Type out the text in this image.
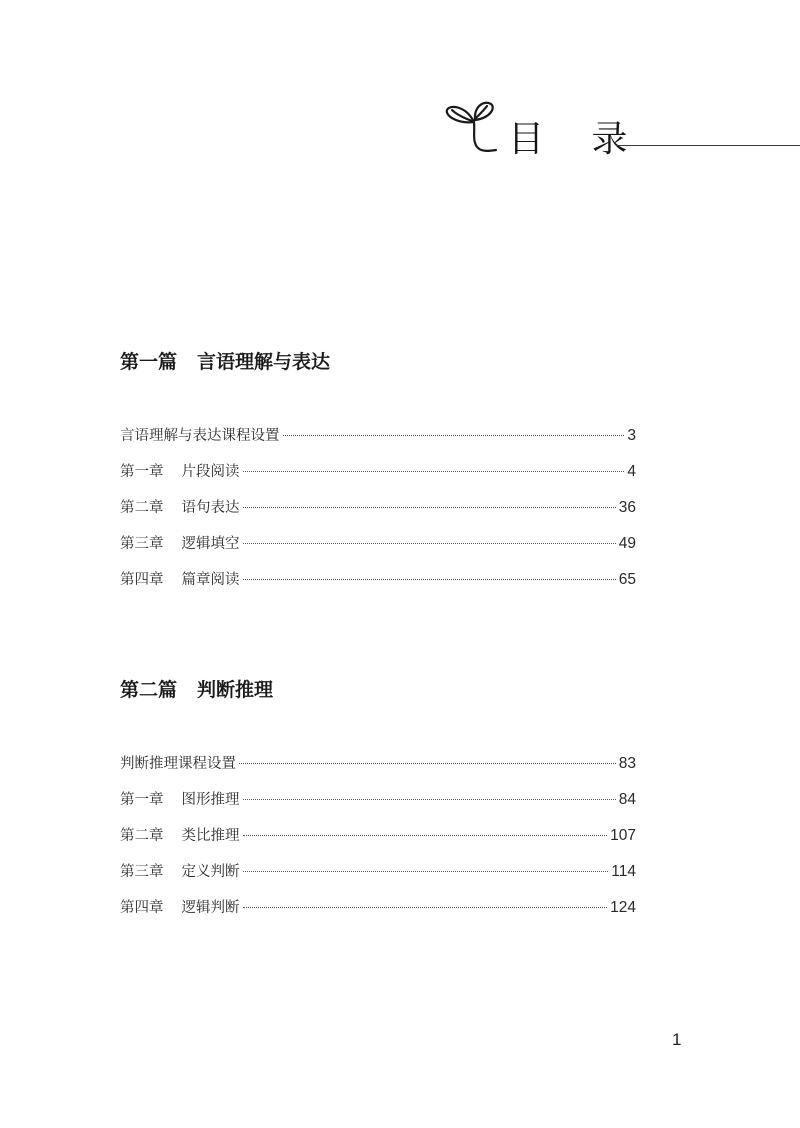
目 录
第一篇 言语理解与表达
言语理解与表达课程设置	3
第一章 片段阅读	4
第二章 语句表达	36
第三章 逻辑填空	49
第四章 篇章阅读	65
第二篇 判断推理
判断推理课程设置	83
第一章 图形推理	84
第二章 类比推理	107
第三章 定义判断	114
第四章 逻辑判断	124
1
